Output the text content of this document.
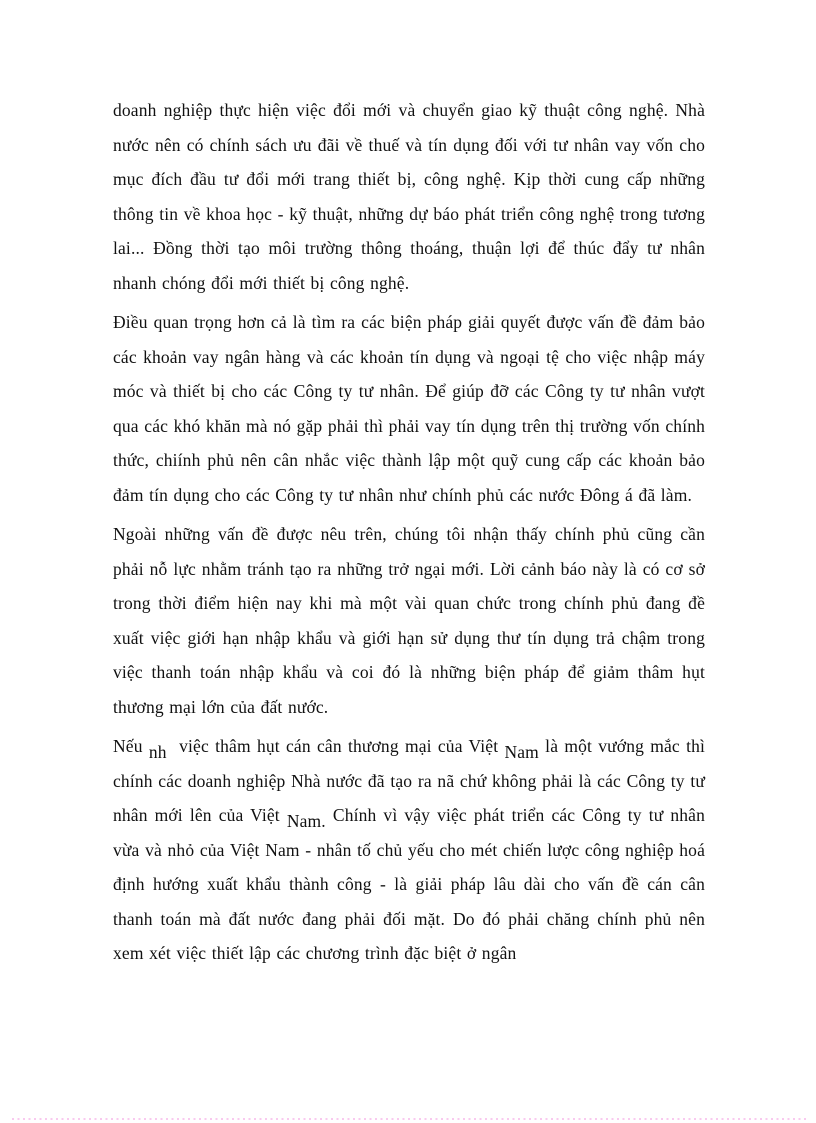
doanh nghiệp thực hiện việc đổi mới và chuyển giao kỹ thuật công nghệ. Nhà nước nên có chính sách ưu đãi về thuế và tín dụng đối với tư nhân vay vốn cho mục đích đầu tư đổi mới trang thiết bị, công nghệ. Kịp thời cung cấp những thông tin về khoa học - kỹ thuật, những dự báo phát triển công nghệ trong tương lai... Đồng thời tạo môi trường thông thoáng, thuận lợi để thúc đẩy tư nhân nhanh chóng đổi mới thiết bị công nghệ.

Điều quan trọng hơn cả là tìm ra các biện pháp giải quyết được vấn đề đảm bảo các khoản vay ngân hàng và các khoản tín dụng và ngoại tệ cho việc nhập máy móc và thiết bị cho các Công ty tư nhân. Để giúp đỡ các Công ty tư nhân vượt qua các khó khăn mà nó gặp phải thì phải vay tín dụng trên thị trường vốn chính thức, chiính phủ nên cân nhắc việc thành lập một quỹ cung cấp các khoản bảo đảm tín dụng cho các Công ty tư nhân như chính phủ các nước Đông á đã làm.

Ngoài những vấn đề được nêu trên, chúng tôi nhận thấy chính phủ cũng cần phải nỗ lực nhằm tránh tạo ra những trở ngại mới. Lời cảnh báo này là có cơ sở trong thời điểm hiện nay khi mà một vài quan chức trong chính phủ đang đề xuất việc giới hạn nhập khẩu và giới hạn sử dụng thư tín dụng trả chậm trong việc thanh toán nhập khẩu và coi đó là những biện pháp để giảm thâm hụt thương mại lớn của đất nước.

Nếu nh  việc thâm hụt cán cân thương mại của Việt Nam là một vướng mắc thì chính các doanh nghiệp Nhà nước đã tạo ra nã chứ không phải là các Công ty tư nhân mới lên của Việt Nam. Chính vì vậy việc phát triển các Công ty tư nhân vừa và nhỏ của Việt Nam - nhân tố chủ yếu cho mét chiến lược công nghiệp hoá định hướng xuất khẩu thành công - là giải pháp lâu dài cho vấn đề cán cân thanh toán mà đất nước đang phải đối mặt. Do đó phải chăng chính phủ nên xem xét việc thiết lập các chương trình đặc biệt ở ngân
